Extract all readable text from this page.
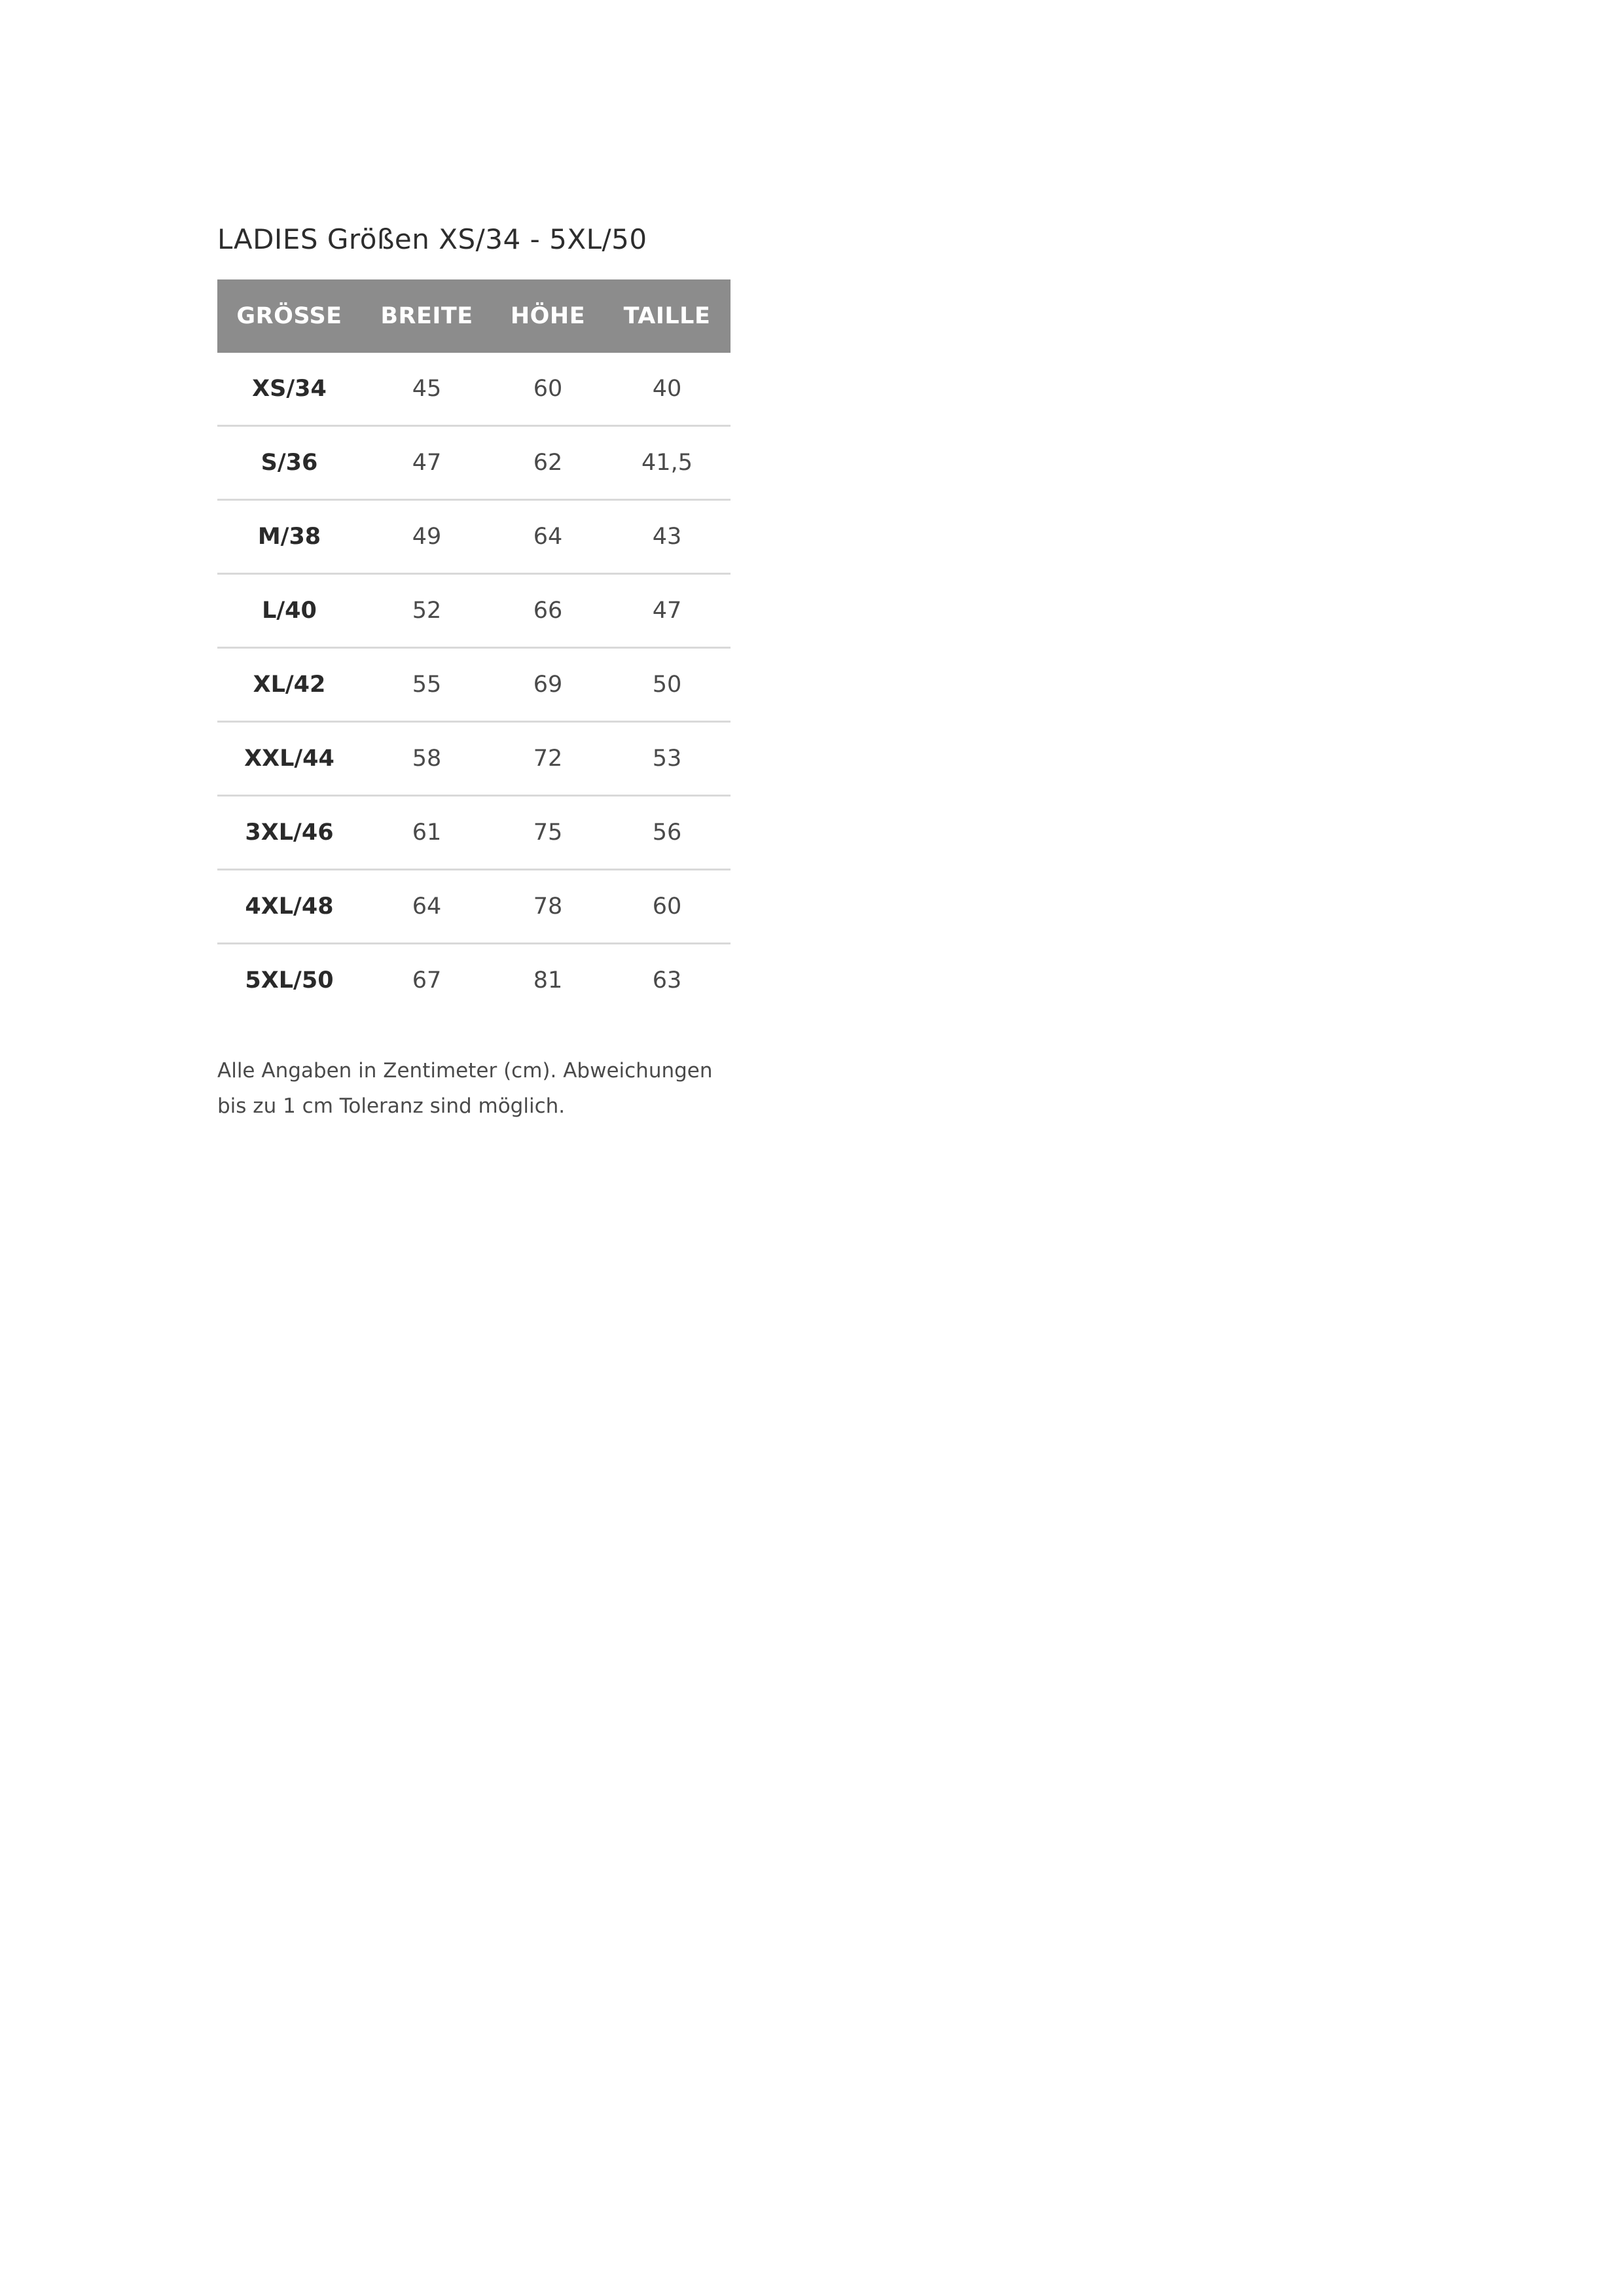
LADIES Größen XS/34 - 5XL/50
GRÖSSE	BREITE	HÖHE	TAILLE
XS/34	45	60	40
S/36	47	62	41,5
M/38	49	64	43
L/40	52	66	47
XL/42	55	69	50
XXL/44	58	72	53
3XL/46	61	75	56
4XL/48	64	78	60
5XL/50	67	81	63
Alle Angaben in Zentimeter (cm). Abweichungen
bis zu 1 cm Toleranz sind möglich.
